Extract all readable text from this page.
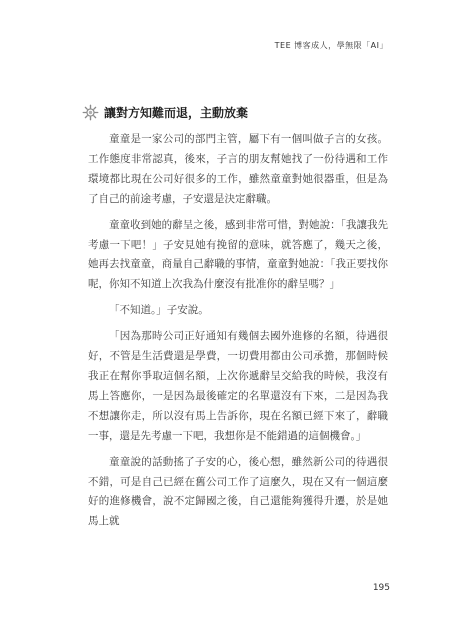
TEE 博客成人，學無限「AI」
讓對方知難而退，主動放棄

童童是一家公司的部門主管，屬下有一個叫做子言的女孩。工作態度非常認真，後來，子言的朋友幫她找了一份待遇和工作環境都比現在公司好很多的工作，雖然童童對她很器重，但是為了自己的前途考慮，子安還是決定辭職。

童童收到她的辭呈之後，感到非常可惜，對她說：「我讓我先考慮一下吧！」子安見她有挽留的意味，就答應了，幾天之後，她再去找童童，商量自己辭職的事情，童童對她說：「我正要找你呢，你知不知道上次我為什麼沒有批准你的辭呈嗎？」

「不知道。」子安說。

「因為那時公司正好通知有幾個去國外進修的名額，待遇很好，不管是生活費還是學費，一切費用都由公司承擔，那個時候我正在幫你爭取這個名額，上次你遞辭呈交給我的時候，我沒有馬上答應你，一是因為最後確定的名單還沒有下來，二是因為我不想讓你走，所以沒有馬上告訴你，現在名額已經下來了，辭職一事，還是先考慮一下吧，我想你是不能錯過的這個機會。」

童童說的話動搖了子安的心，後心想，雖然新公司的待遇很不錯，可是自己已經在舊公司工作了這麼久，現在又有一個這麼好的進修機會，說不定歸國之後，自己還能夠獲得升遷，於是她馬上就

195
